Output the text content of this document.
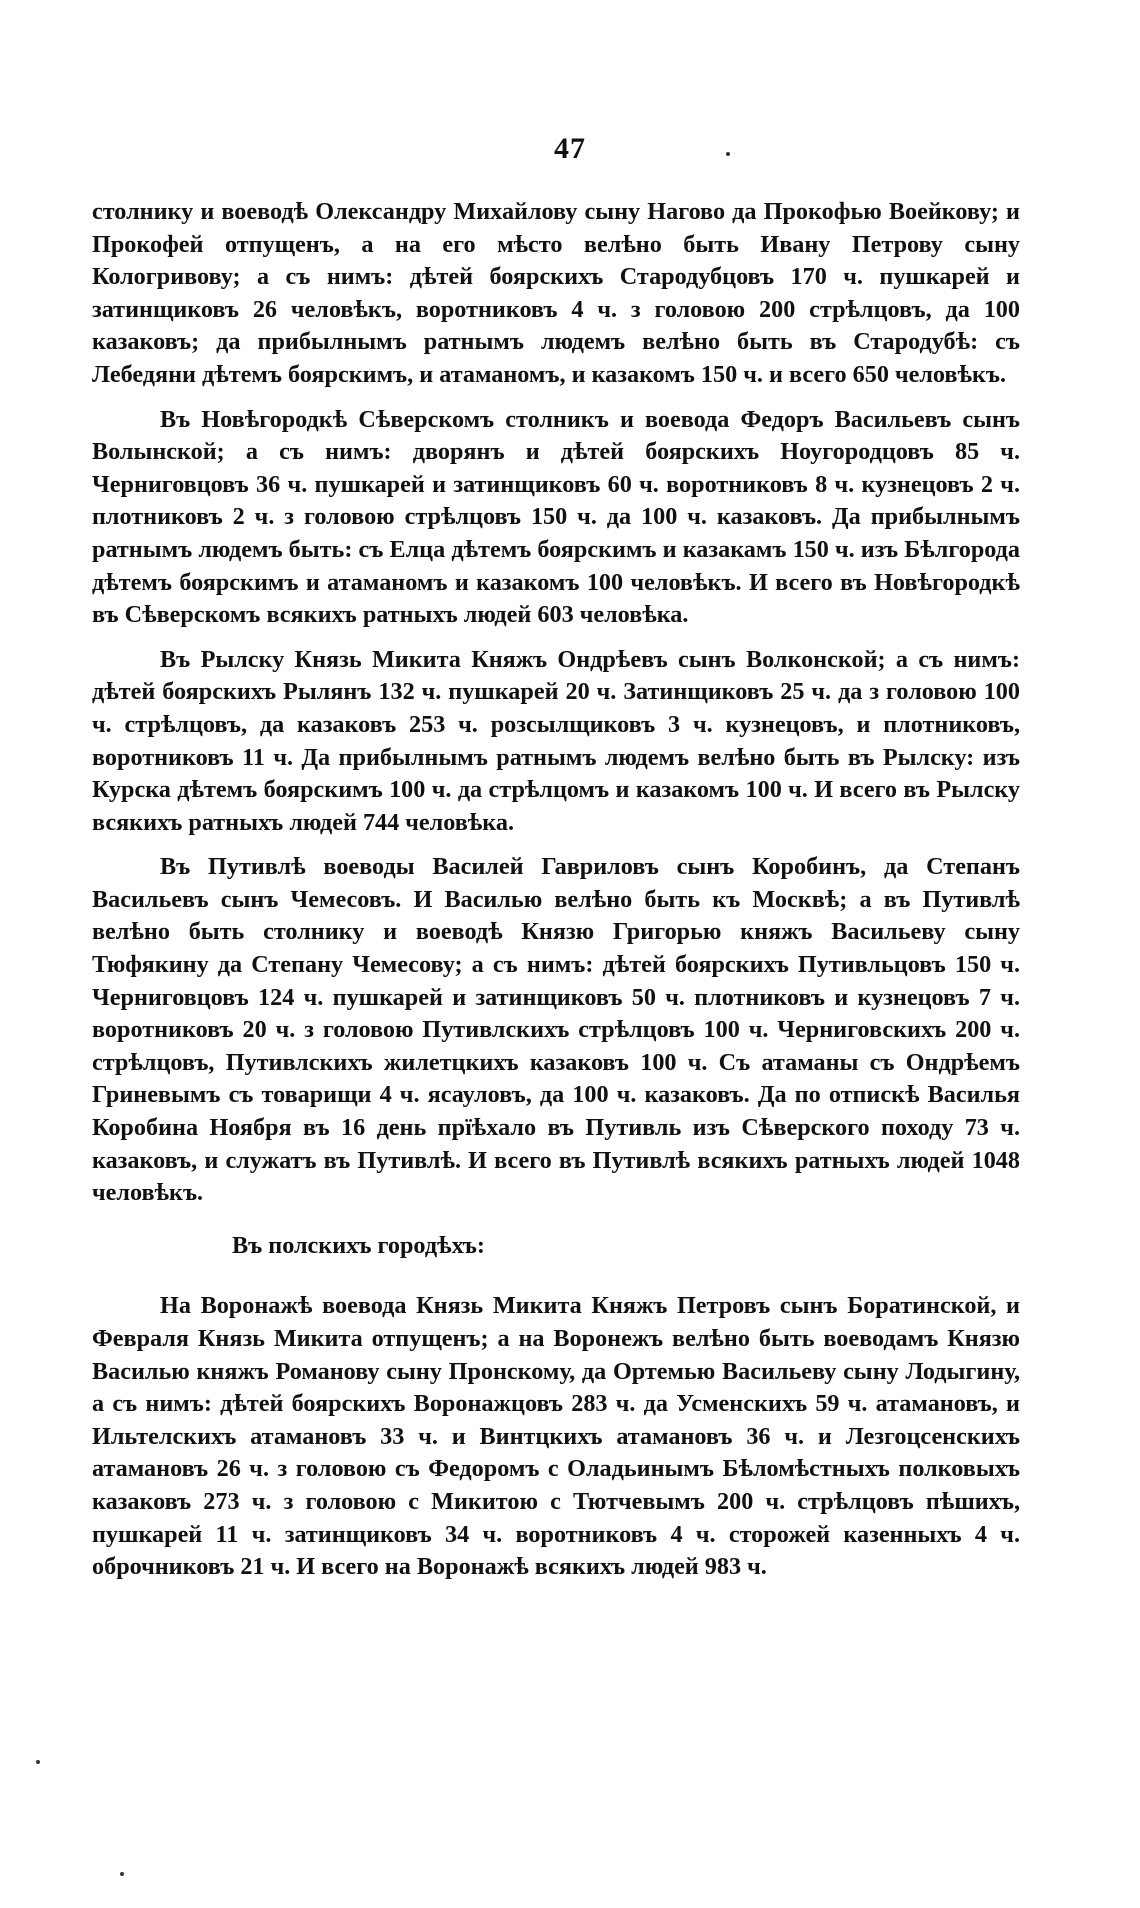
47

столнику и воеводѣ Олександру Михайлову сыну Нагово да Прокофью Воейкову; и Прокофей отпущенъ, а на его мѣсто велѣно быть Ивану Петрову сыну Кологривову; а съ нимъ: дѣтей боярскихъ Стародубцовъ 170 ч. пушкарей и затинщиковъ 26 человѣкъ, воротниковъ 4 ч. з головою 200 стрѣлцовъ, да 100 казаковъ; да прибылнымъ ратнымъ людемъ велѣно быть въ Стародубѣ: съ Лебедяни дѣтемъ боярскимъ, и атаманомъ, и казакомъ 150 ч. и всего 650 человѣкъ.

Въ Новѣгородкѣ Сѣверскомъ столникъ и воевода Федоръ Васильевъ сынъ Волынской; а съ нимъ: дворянъ и дѣтей боярскихъ Ноугородцовъ 85 ч. Черниговцовъ 36 ч. пушкарей и затинщиковъ 60 ч. воротниковъ 8 ч. кузнецовъ 2 ч. плотниковъ 2 ч. з головою стрѣлцовъ 150 ч. да 100 ч. казаковъ. Да прибылнымъ ратнымъ людемъ быть: съ Елца дѣтемъ боярскимъ и казакамъ 150 ч. изъ Бѣлгорода дѣтемъ боярскимъ и атаманомъ и казакомъ 100 человѣкъ. И всего въ Новѣгородкѣ въ Сѣверскомъ всякихъ ратныхъ людей 603 человѣка.

Въ Рылску Князь Микита Княжъ Ондрѣевъ сынъ Волконской; а съ нимъ: дѣтей боярскихъ Рылянъ 132 ч. пушкарей 20 ч. Затинщиковъ 25 ч. да з головою 100 ч. стрѣлцовъ, да казаковъ 253 ч. розсылщиковъ 3 ч. кузнецовъ, и плотниковъ, воротниковъ 11 ч. Да прибылнымъ ратнымъ людемъ велѣно быть въ Рылску: изъ Курска дѣтемъ боярскимъ 100 ч. да стрѣлцомъ и казакомъ 100 ч. И всего въ Рылску всякихъ ратныхъ людей 744 человѣка.

Въ Путивлѣ воеводы Василей Гавриловъ сынъ Коробинъ, да Степанъ Васильевъ сынъ Чемесовъ. И Василью велѣно быть къ Москвѣ; а въ Путивлѣ велѣно быть столнику и воеводѣ Князю Григорью княжъ Васильеву сыну Тюфякину да Степану Чемесову; а съ нимъ: дѣтей боярскихъ Путивльцовъ 150 ч. Черниговцовъ 124 ч. пушкарей и затинщиковъ 50 ч. плотниковъ и кузнецовъ 7 ч. воротниковъ 20 ч. з головою Путивлскихъ стрѣлцовъ 100 ч. Черниговскихъ 200 ч. стрѣлцовъ, Путивлскихъ жилетцкихъ казаковъ 100 ч. Съ атаманы съ Ондрѣемъ Гриневымъ съ товарищи 4 ч. ясауловъ, да 100 ч. казаковъ. Да по отпискѣ Василья Коробина Ноября въ 16 день прїѣхало въ Путивль изъ Сѣверского походу 73 ч. казаковъ, и служатъ въ Путивлѣ. И всего въ Путивлѣ всякихъ ратныхъ людей 1048 человѣкъ.

Въ полскихъ городѣхъ:

На Воронажѣ воевода Князь Микита Княжъ Петровъ сынъ Боратинской, и Февраля Князь Микита отпущенъ; а на Воронежъ велѣно быть воеводамъ Князю Василью княжъ Романову сыну Пронскому, да Ортемью Васильеву сыну Лодыгину, а съ нимъ: дѣтей боярскихъ Воронажцовъ 283 ч. да Усменскихъ 59 ч. атамановъ, и Ильтелскихъ атамановъ 33 ч. и Винтцкихъ атамановъ 36 ч. и Лезгоцсенскихъ атамановъ 26 ч. з головою съ Федоромъ с Оладьинымъ Бѣломѣстныхъ полковыхъ казаковъ 273 ч. з головою с Микитою с Тютчевымъ 200 ч. стрѣлцовъ пѣшихъ, пушкарей 11 ч. затинщиковъ 34 ч. воротниковъ 4 ч. сторожей казенныхъ 4 ч. оброчниковъ 21 ч. И всего на Воронажѣ всякихъ людей 983 ч.
